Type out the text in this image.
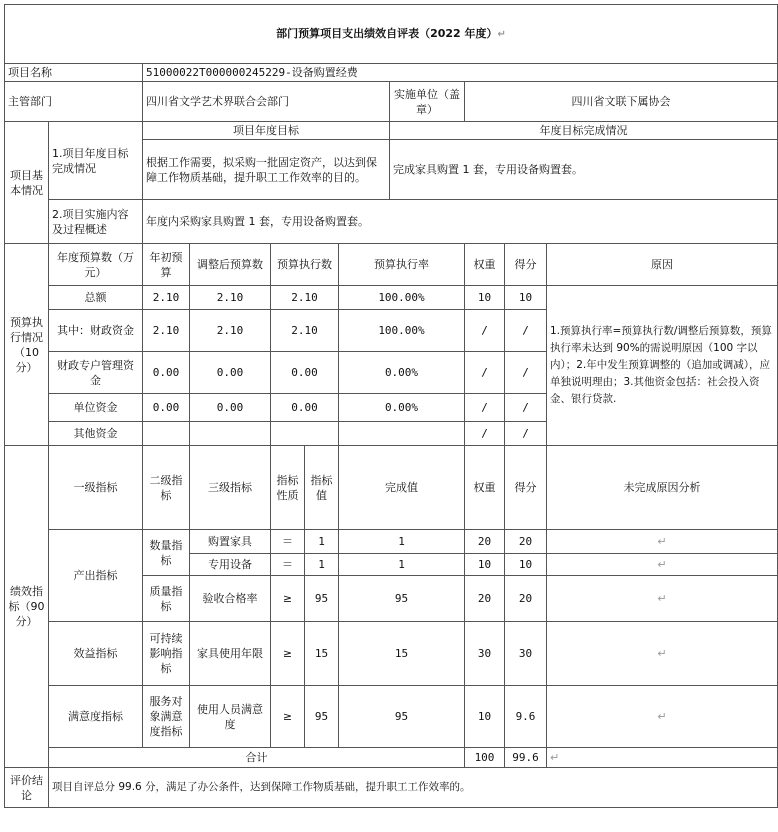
部门预算项目支出绩效自评表（2022 年度）↵										
项目名称		51000022T000000245229-设备购置经费								
主管部门		四川省文学艺术界联合会部门					实施单位（盖章）	四川省文联下属协会		
项目基本情况	1.项目年度目标完成情况	项目年度目标					年度目标完成情况			
		根据工作需要，拟采购一批固定资产，以达到保障工作物质基础，提升职工工作效率的目的。					完成家具购置 1 套，专用设备购置套。			
	2.项目实施内容及过程概述	年度内采购家具购置 1 套，专用设备购置套。								

预算执行情况（10 分）	年度预算数（万元）	年初预算	调整后预算数	预算执行数		预算执行率		权重	得分	原因
	总额	2.10	2.10	2.10		100.00%		10	10	1.预算执行率=预算执行数/调整后预算数，预算执行率未达到 90%的需说明原因（100 字以内）；2.年中发生预算调整的（追加或调减），应单独说明理由；3.其他资金包括：社会投入资金、银行贷款.
	其中：财政资金	2.10	2.10	2.10		100.00%		/	/	
	财政专户管理资金	0.00	0.00	0.00		0.00%		/	/	
	单位资金	0.00	0.00	0.00		0.00%		/	/	
	其他资金							/	/	
绩效指标（90 分）	一级指标	二级指标	三级指标	指标性质	指标值	完成值		权重	得分	未完成原因分析
	产出指标	数量指标	购置家具	＝	1	1		20	20	↵
			专用设备	＝	1	1		10	10	↵
		质量指标	验收合格率	≥	95	95		20	20	↵
	效益指标	可持续影响指标	家具使用年限	≥	15	15		30	30	↵
	满意度指标	服务对象满意度指标	使用人员满意度	≥	95	95		10	9.6	↵
	合计							100	99.6	↵

评价结论	项目自评总分 99.6 分，满足了办公条件，达到保障工作物质基础，提升职工工作效率的。									
